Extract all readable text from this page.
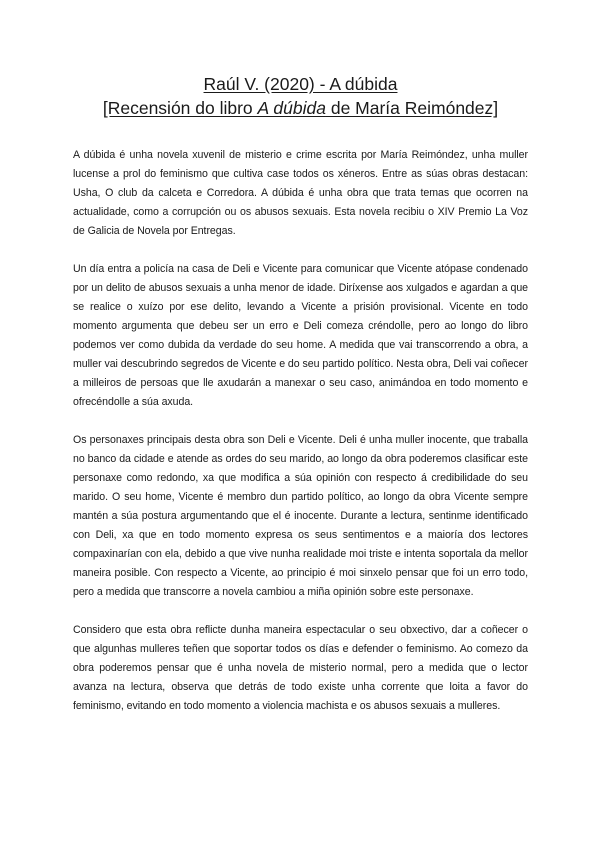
Raúl V. (2020) - A dúbida
[Recensión do libro A dúbida de María Reimóndez]

A dúbida é unha novela xuvenil de misterio e crime escrita por María Reimóndez, unha muller lucense a prol do feminismo que cultiva case todos os xéneros. Entre as súas obras destacan: Usha, O club da calceta e Corredora. A dúbida é unha obra que trata temas que ocorren na actualidade, como a corrupción ou os abusos sexuais. Esta novela recibiu o XIV Premio La Voz de Galicia de Novela por Entregas.

Un día entra a policía na casa de Deli e Vicente para comunicar que Vicente atópase condenado por un delito de abusos sexuais a unha menor de idade. Diríxense aos xulgados e agardan a que se realice o xuízo por ese delito, levando a Vicente a prisión provisional. Vicente en todo momento argumenta que debeu ser un erro e Deli comeza créndolle, pero ao longo do libro podemos ver como dubida da verdade do seu home. A medida que vai transcorrendo a obra, a muller vai descubrindo segredos de Vicente e do seu partido político. Nesta obra, Deli vai coñecer a milleiros de persoas que lle axudarán a manexar o seu caso, animándoa en todo momento e ofrecéndolle a súa axuda.

Os personaxes principais desta obra son Deli e Vicente. Deli é unha muller inocente, que traballa no banco da cidade e atende as ordes do seu marido, ao longo da obra poderemos clasificar este personaxe como redondo, xa que modifica a súa opinión con respecto á credibilidade do seu marido. O seu home, Vicente é membro dun partido político, ao longo da obra Vicente sempre mantén a súa postura argumentando que el é inocente. Durante a lectura, sentinme identificado con Deli, xa que en todo momento expresa os seus sentimentos e a maioría dos lectores compaxinarían con ela, debido a que vive nunha realidade moi triste e intenta soportala da mellor maneira posible. Con respecto a Vicente, ao principio é moi sinxelo pensar que foi un erro todo, pero a medida que transcorre a novela cambiou a miña opinión sobre este personaxe.

Considero que esta obra reflicte dunha maneira espectacular o seu obxectivo, dar a coñecer o que algunhas mulleres teñen que soportar todos os días e defender o feminismo. Ao comezo da obra poderemos pensar que é unha novela de misterio normal, pero a medida que o lector avanza na lectura, observa que detrás de todo existe unha corrente que loita a favor do feminismo, evitando en todo momento a violencia machista e os abusos sexuais a mulleres.
